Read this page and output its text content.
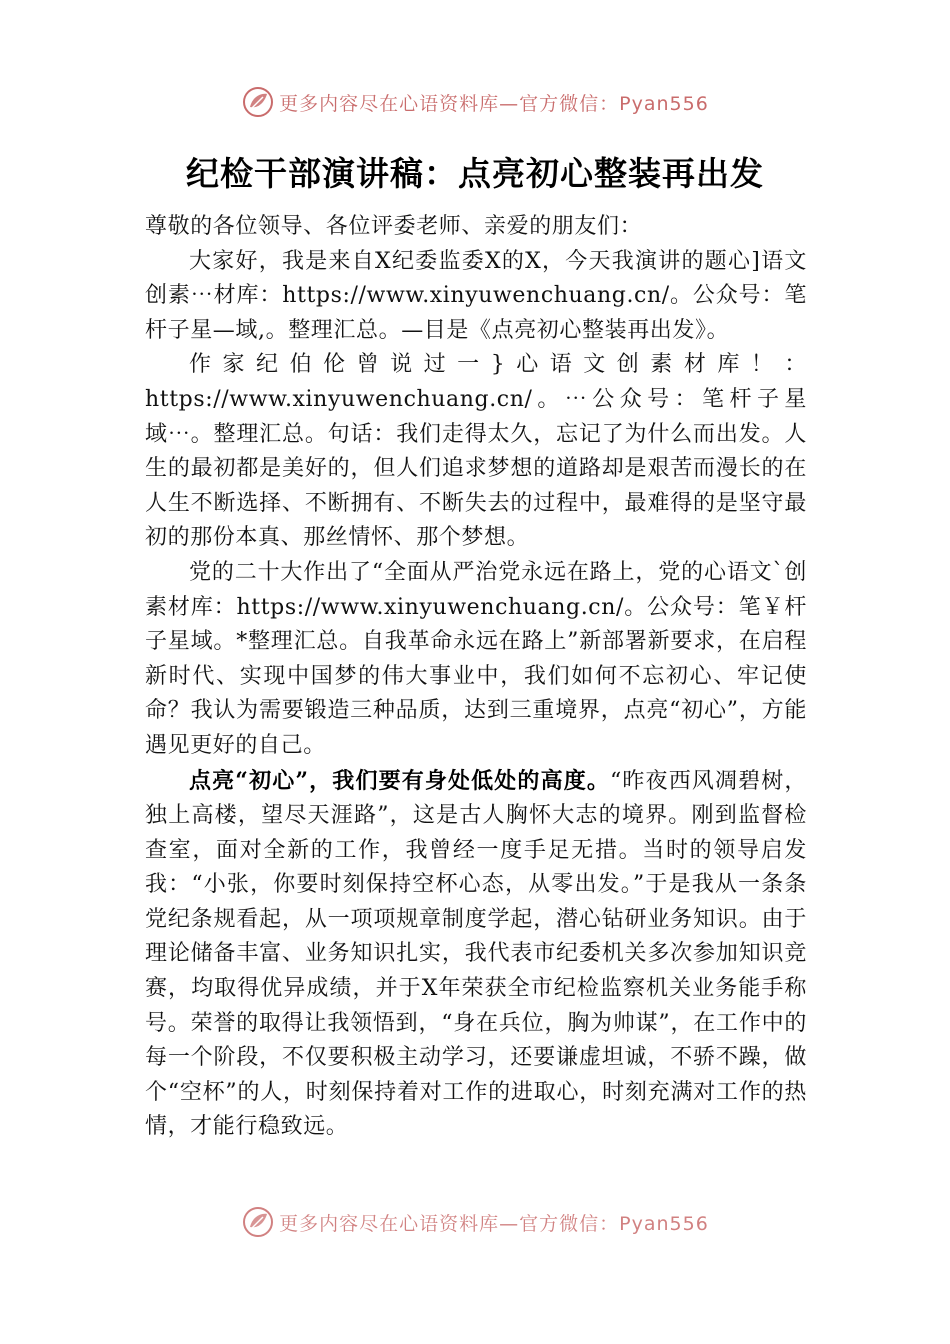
更多内容尽在心语资料库—官方微信：Pyan556
纪检干部演讲稿：点亮初心整装再出发

尊敬的各位领导、各位评委老师、亲爱的朋友们：

大家好，我是来自X纪委监委X的X，今天我演讲的题心]语文创素⋯材库：https://www.xinyuwenchuang.cn/。公众号：笔杆子星—域,。整理汇总。—目是《点亮初心整装再出发》。

作家纪伯伦曾说过一}心语文创素材库！：https://www.xinyuwenchuang.cn/。⋯公众号：笔杆子星域⋯。整理汇总。句话：我们走得太久，忘记了为什么而出发。人生的最初都是美好的，但人们追求梦想的道路却是艰苦而漫长的在人生不断选择、不断拥有、不断失去的过程中，最难得的是坚守最初的那份本真、那丝情怀、那个梦想。

党的二十大作出了“全面从严治党永远在路上，党的心语文`创素材库：https://www.xinyuwenchuang.cn/。公众号：笔￥杆子星域。*整理汇总。自我革命永远在路上”新部署新要求，在启程新时代、实现中国梦的伟大事业中，我们如何不忘初心、牢记使命？我认为需要锻造三种品质，达到三重境界，点亮“初心”，方能遇见更好的自己。

点亮“初心”，我们要有身处低处的高度。“昨夜西风凋碧树，独上高楼，望尽天涯路”，这是古人胸怀大志的境界。刚到监督检查室，面对全新的工作，我曾经一度手足无措。当时的领导启发我：“小张，你要时刻保持空杯心态，从零出发。”于是我从一条条党纪条规看起，从一项项规章制度学起，潜心钻研业务知识。由于理论储备丰富、业务知识扎实，我代表市纪委机关多次参加知识竞赛，均取得优异成绩，并于X年荣获全市纪检监察机关业务能手称号。荣誉的取得让我领悟到，“身在兵位，胸为帅谋”，在工作中的每一个阶段，不仅要积极主动学习，还要谦虚坦诚，不骄不躁，做个“空杯”的人，时刻保持着对工作的进取心，时刻充满对工作的热情，才能行稳致远。

更多内容尽在心语资料库—官方微信：Pyan556
